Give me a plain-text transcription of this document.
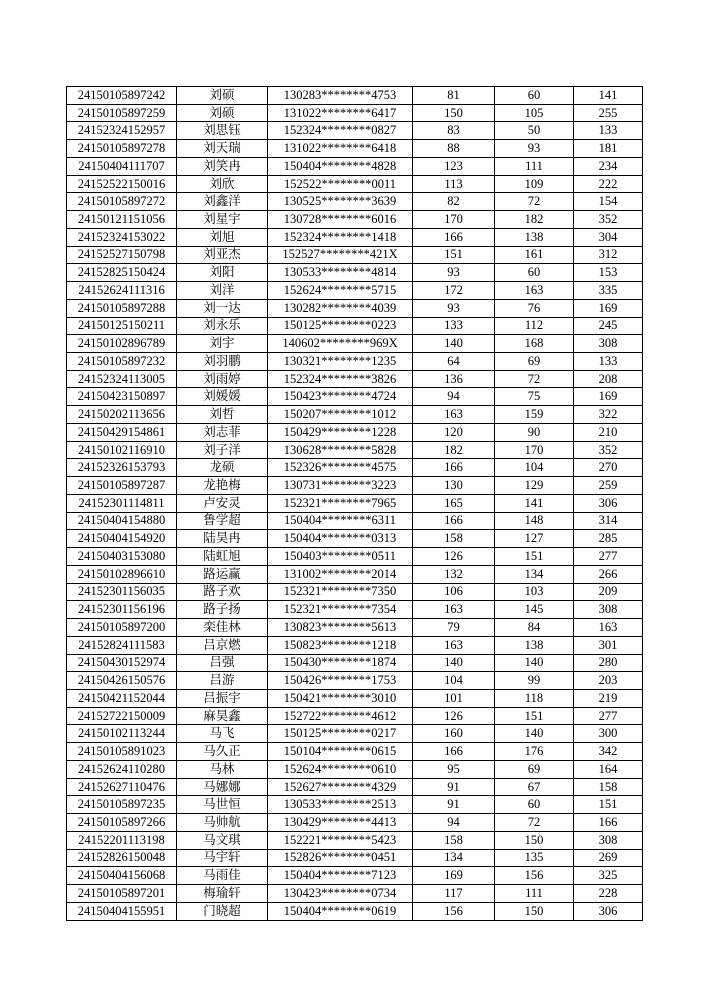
24150105897242	刘硕	130283********4753	81	60	141
24150105897259	刘硕	131022********6417	150	105	255
24152324152957	刘思钰	152324********0827	83	50	133
24150105897278	刘天瑞	131022********6418	88	93	181
24150404111707	刘笑冉	150404********4828	123	111	234
24152522150016	刘欣	152522********0011	113	109	222
24150105897272	刘鑫洋	130525********3639	82	72	154
24150121151056	刘星宇	130728********6016	170	182	352
24152324153022	刘旭	152324********1418	166	138	304
24152527150798	刘亚杰	152527********421X	151	161	312
24152825150424	刘阳	130533********4814	93	60	153
24152624111316	刘洋	152624********5715	172	163	335
24150105897288	刘一达	130282********4039	93	76	169
24150125150211	刘永乐	150125********0223	133	112	245
24150102896789	刘宇	140602********969X	140	168	308
24150105897232	刘羽鹏	130321********1235	64	69	133
24152324113005	刘雨婷	152324********3826	136	72	208
24150423150897	刘媛媛	150423********4724	94	75	169
24150202113656	刘哲	150207********1012	163	159	322
24150429154861	刘志菲	150429********1228	120	90	210
24150102116910	刘子洋	130628********5828	182	170	352
24152326153793	龙硕	152326********4575	166	104	270
24150105897287	龙艳梅	130731********3223	130	129	259
24152301114811	卢安灵	152321********7965	165	141	306
24150404154880	鲁学超	150404********6311	166	148	314
24150404154920	陆昊冉	150404********0313	158	127	285
24150403153080	陆虹旭	150403********0511	126	151	277
24150102896610	路运赢	131002********2014	132	134	266
24152301156035	路子欢	152321********7350	106	103	209
24152301156196	路子扬	152321********7354	163	145	308
24150105897200	栾佳林	130823********5613	79	84	163
24152824111583	吕京燃	150823********1218	163	138	301
24150430152974	吕强	150430********1874	140	140	280
24150426150576	吕游	150426********1753	104	99	203
24150421152044	吕振宇	150421********3010	101	118	219
24152722150009	麻昊鑫	152722********4612	126	151	277
24150102113244	马飞	150125********0217	160	140	300
24150105891023	马久正	150104********0615	166	176	342
24152624110280	马林	152624********0610	95	69	164
24152627110476	马娜娜	152627********4329	91	67	158
24150105897235	马世恒	130533********2513	91	60	151
24150105897266	马帅航	130429********4413	94	72	166
24152201113198	马文琪	152221********5423	158	150	308
24152826150048	马宇轩	152826********0451	134	135	269
24150404156068	马雨佳	150404********7123	169	156	325
24150105897201	梅瑜轩	130423********0734	117	111	228
24150404155951	门晓超	150404********0619	156	150	306
